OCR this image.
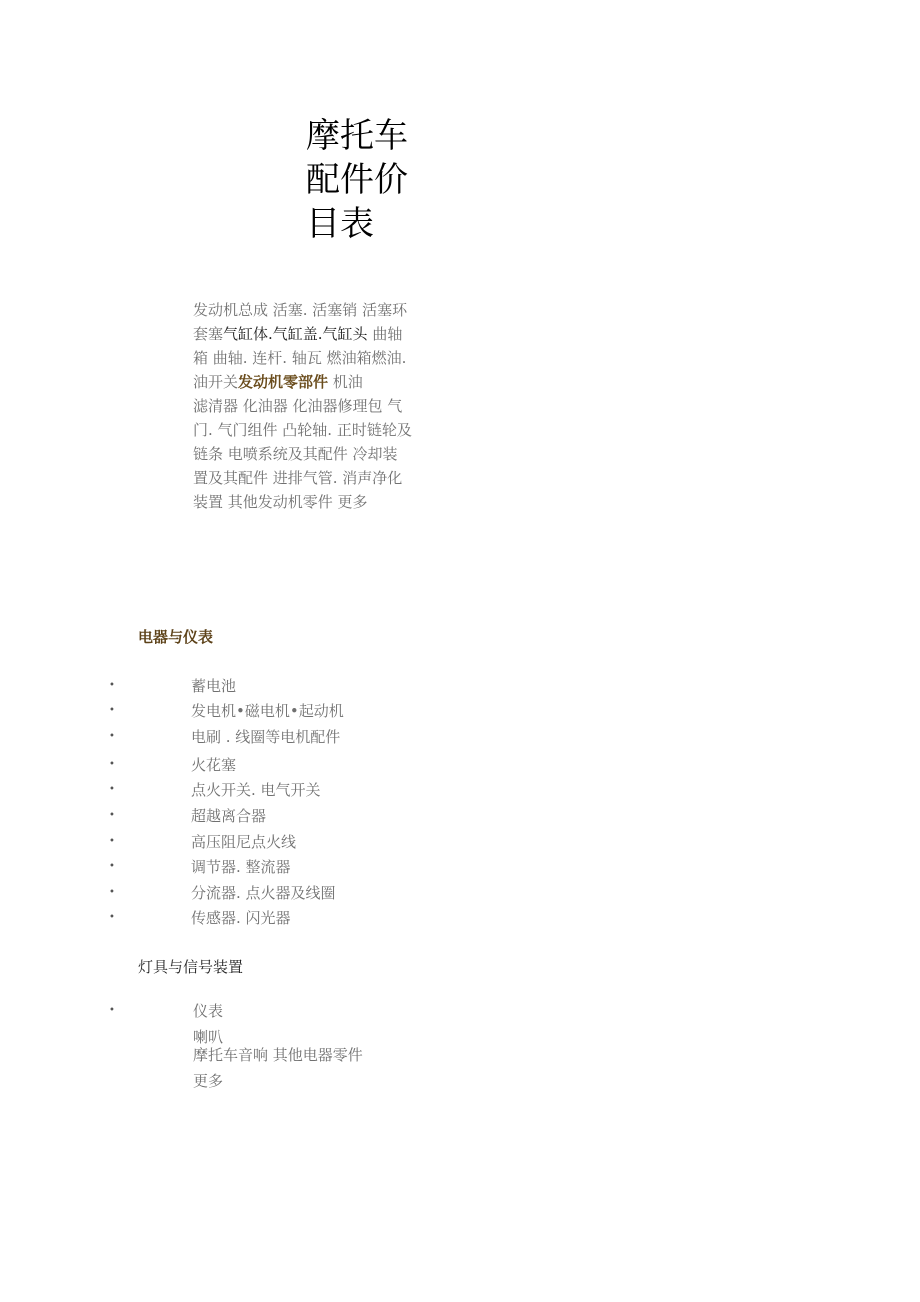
摩托车
配件价
目表
发动机总成 活塞. 活塞销 活塞环
套塞气缸体.气缸盖.气缸头 曲轴
箱 曲轴. 连杆. 轴瓦 燃油箱燃油.
油开关发动机零部件 机油
滤清器 化油器 化油器修理包 气
门. 气门组件 凸轮轴. 正时链轮及
链条 电喷系统及其配件 冷却装
置及其配件 进排气管. 消声净化
装置 其他发动机零件 更多
电器与仪表
•	蓄电池
•	发电机•磁电机•起动机
•	电刷 . 线圈等电机配件
•	火花塞
•	点火开关. 电气开关
•	超越离合器
•	高压阻尼点火线
•	调节器. 整流器
•	分流器. 点火器及线圈
•	传感器. 闪光器
灯具与信号装置
•	仪表
喇叭
摩托车音响 其他电器零件
更多
